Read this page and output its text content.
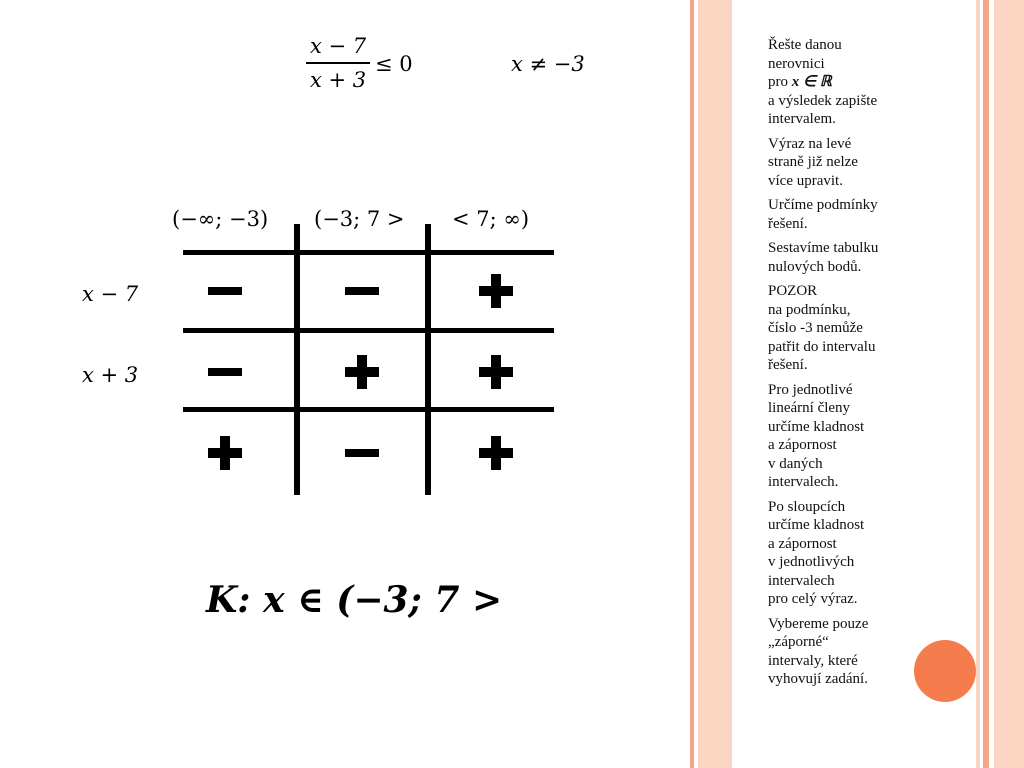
x − 7
x + 3
≤ 0	x ≠ −3
(−∞; −3) (−3; 7 > < 7; ∞)
x − 7
x + 3
K: x ∈ (−3; 7 >

Řešte danou
nerovnici
pro x ∈ ℝ
a výsledek zapište
intervalem.

Výraz na levé
straně již nelze
více upravit.

Určíme podmínky
řešení.

Sestavíme tabulku
nulových bodů.

POZOR
na podmínku,
číslo -3 nemůže
patřit do intervalu
řešení.

Pro jednotlivé
lineární členy
určíme kladnost
a zápornost
v daných
intervalech.

Po sloupcích
určíme kladnost
a zápornost
v jednotlivých
intervalech
pro celý výraz.

Vybereme pouze
„záporné“
intervaly, které
vyhovují zadání.
